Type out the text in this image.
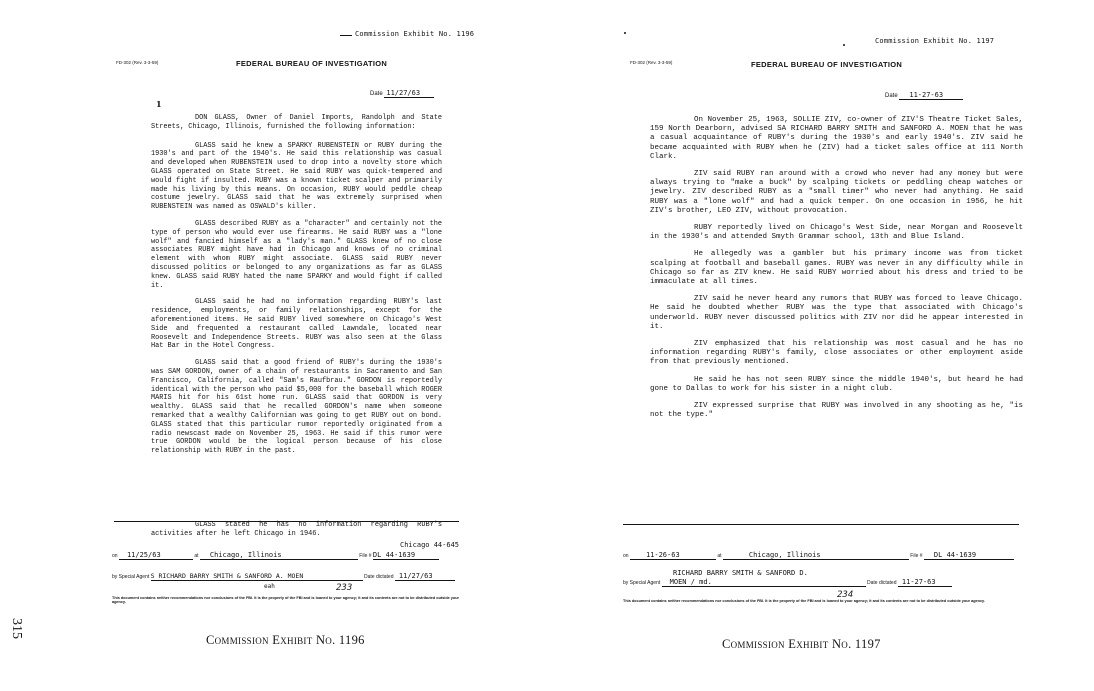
Commission Exhibit No. 1196
FD-302 (Rev. 3-3-59)	FEDERAL BUREAU OF INVESTIGATION
Date 11/27/63
1

DON GLASS, Owner of Daniel Imports, Randolph and State Streets, Chicago, Illinois, furnished the following information:

GLASS said he knew a SPARKY RUBENSTEIN or RUBY during the 1930's and part of the 1940's. He said this relationship was casual and developed when RUBENSTEIN used to drop into a novelty store which GLASS operated on State Street. He said RUBY was quick-tempered and would fight if insulted. RUBY was a known ticket scalper and primarily made his living by this means. On occasion, RUBY would peddle cheap costume jewelry. GLASS said that he was extremely surprised when RUBENSTEIN was named as OSWALD's killer.

GLASS described RUBY as a "character" and certainly not the type of person who would ever use firearms. He said RUBY was a "lone wolf" and fancied himself as a "lady's man." GLASS knew of no close associates RUBY might have had in Chicago and knows of no criminal element with whom RUBY might associate. GLASS said RUBY never discussed politics or belonged to any organizations as far as GLASS knew. GLASS said RUBY hated the name SPARKY and would fight if called it.

GLASS said he had no information regarding RUBY's last residence, employments, or family relationships, except for the aforementioned items. He said RUBY lived somewhere on Chicago's West Side and frequented a restaurant called Lawndale, located near Roosevelt and Independence Streets. RUBY was also seen at the Glass Hat Bar in the Hotel Congress.

GLASS said that a good friend of RUBY's during the 1930's was SAM GORDON, owner of a chain of restaurants in Sacramento and San Francisco, California, called "Sam's Raufbrau." GORDON is reportedly identical with the person who paid $5,000 for the baseball which ROGER MARIS hit for his 61st home run. GLASS said that GORDON is very wealthy. GLASS said that he recalled GORDON's name when someone remarked that a wealthy Californian was going to get RUBY out on bond. GLASS stated that this particular rumor reportedly originated from a radio newscast made on November 25, 1963. He said if this rumor were true GORDON would be the logical person because of his close relationship with RUBY in the past.

GLASS stated he has no information regarding RUBY's activities after he left Chicago in 1946.

Chicago 44-645
on 11/25/63	at Chicago, Illinois	File # DL 44-1639
by Special Agent S RICHARD BARRY SMITH & SANFORD A. MOEN	Date dictated 11/27/63
eah	233
This document contains neither recommendations nor conclusions of the FBI. It is the property of the FBI and is loaned to your agency; it and its contents are not to be distributed outside your agency.
Commission Exhibit No. 1196
315
Commission Exhibit No. 1197
FD-302 (Rev. 3-3-59)	FEDERAL BUREAU OF INVESTIGATION
Date 11-27-63

On November 25, 1963, SOLLIE ZIV, co-owner of ZIV'S Theatre Ticket Sales, 159 North Dearborn, advised SA RICHARD BARRY SMITH and SANFORD A. MOEN that he was a casual acquaintance of RUBY's during the 1930's and early 1940's. ZIV said he became acquainted with RUBY when he (ZIV) had a ticket sales office at 111 North Clark.

ZIV said RUBY ran around with a crowd who never had any money but were always trying to "make a buck" by scalping tickets or peddling cheap watches or jewelry. ZIV described RUBY as a "small timer" who never had anything. He said RUBY was a "lone wolf" and had a quick temper. On one occasion in 1956, he hit ZIV's brother, LEO ZIV, without provocation.

RUBY reportedly lived on Chicago's West Side, near Morgan and Roosevelt in the 1930's and attended Smyth Grammar school, 13th and Blue Island.

He allegedly was a gambler but his primary income was from ticket scalping at football and baseball games. RUBY was never in any difficulty while in Chicago so far as ZIV knew. He said RUBY worried about his dress and tried to be immaculate at all times.

ZIV said he never heard any rumors that RUBY was forced to leave Chicago. He said he doubted whether RUBY was the type that associated with Chicago's underworld. RUBY never discussed politics with ZIV nor did he appear interested in it.

ZIV emphasized that his relationship was most casual and he has no information regarding RUBY's family, close associates or other employment aside from that previously mentioned.

He said he has not seen RUBY since the middle 1940's, but heard he had gone to Dallas to work for his sister in a night club.

ZIV expressed surprise that RUBY was involved in any shooting as he, "is not the type."

on 11-26-63	at	Chicago, Illinois	File # DL 44-1639
RICHARD BARRY SMITH & SANFORD D.
by Special Agent MOEN / md.	Date dictated 11-27-63
234
This document contains neither recommendations nor conclusions of the FBI. It is the property of the FBI and is loaned to your agency; it and its contents are not to be distributed outside your agency.
Commission Exhibit No. 1197
